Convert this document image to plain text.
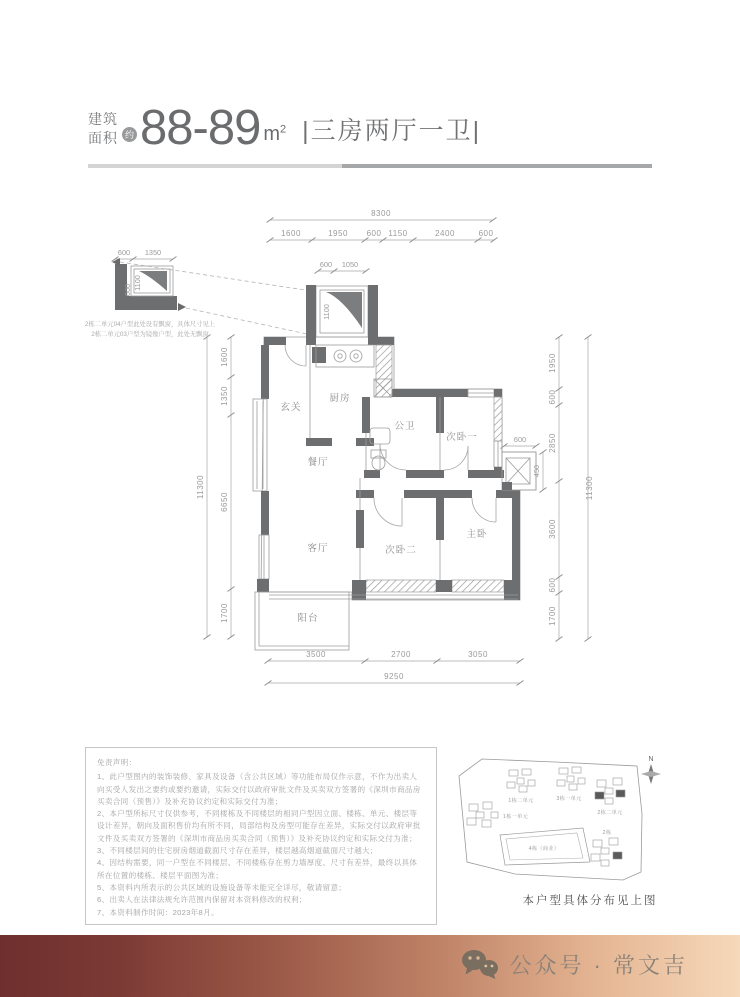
建筑
面积 约 88-89 $m^2$ |三房两厅一卫|
8300
1600	1950 600 1150	2400	600
600 1050
1100
11300
1600
1350
6650
1700
1950
600
2850
3600
600
1700
11300
600
450
3500	2700	3050
9250
玄关
厨房
公卫
次卧一
餐厅
客厅	次卧二
主卧
阳台
600 1350
1100
600
2栋二单元04户型此处设有飘窗，具体尺寸见上
2栋二单元03户型为镜像户型，此处无飘窗
免责声明：
1、此户型图内的装饰装修、家具及设备（含公共区域）等功能布局仅作示意，不作为出卖人向买受人发出之要约或要约邀请，实际交付以政府审批文件及买卖双方签署的《深圳市商品房买卖合同（预售）》及补充协议约定和实际交付为准；
2、本户型所标尺寸仅供参考，不同楼栋及不同楼层的相同户型因立面、楼栋、单元、楼层等设计差异，朝向及面积售价均有所不同，局部结构及房型可能存在差异，实际交付以政府审批文件及买卖双方签署的《深圳市商品房买卖合同（预售）》及补充协议约定和实际交付为准；
3、不同楼层间的住宅厨房烟道截面尺寸存在差异，楼层越高烟道截面尺寸越大；
4、因结构需要，同一户型在不同楼层、不同楼栋存在剪力墙厚度、尺寸有差异，最终以具体所在位置的楼栋、楼层平面图为准；
5、本资料内所表示的公共区域的设施设备等未能完全详尽，敬请留意；
6、出卖人在法律法规允许范围内保留对本资料修改的权利；
7、本资料制作时间：2023年8月。
4栋（商业）
1栋二单元	3栋一单元
2栋二单元
1栋一单元
2栋
N
本户型具体分布见上图
公众号 · 常文吉
